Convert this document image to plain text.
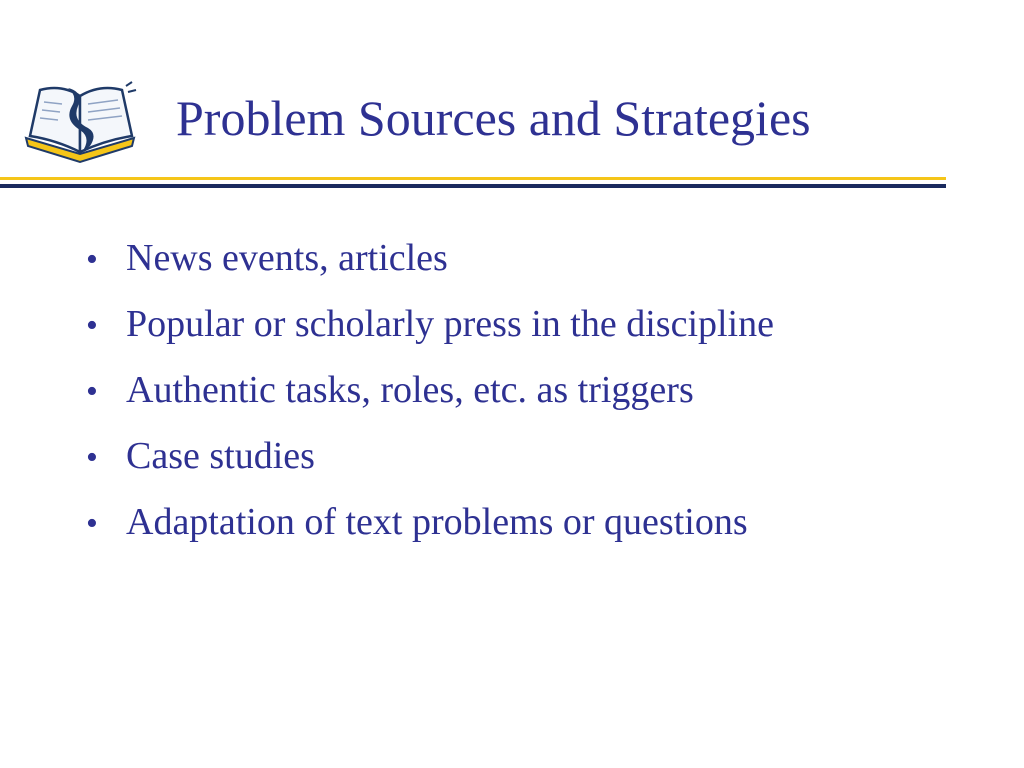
Problem Sources and Strategies
• News events, articles
• Popular or scholarly press in the discipline
• Authentic tasks, roles, etc. as triggers
• Case studies
• Adaptation of text problems or questions
